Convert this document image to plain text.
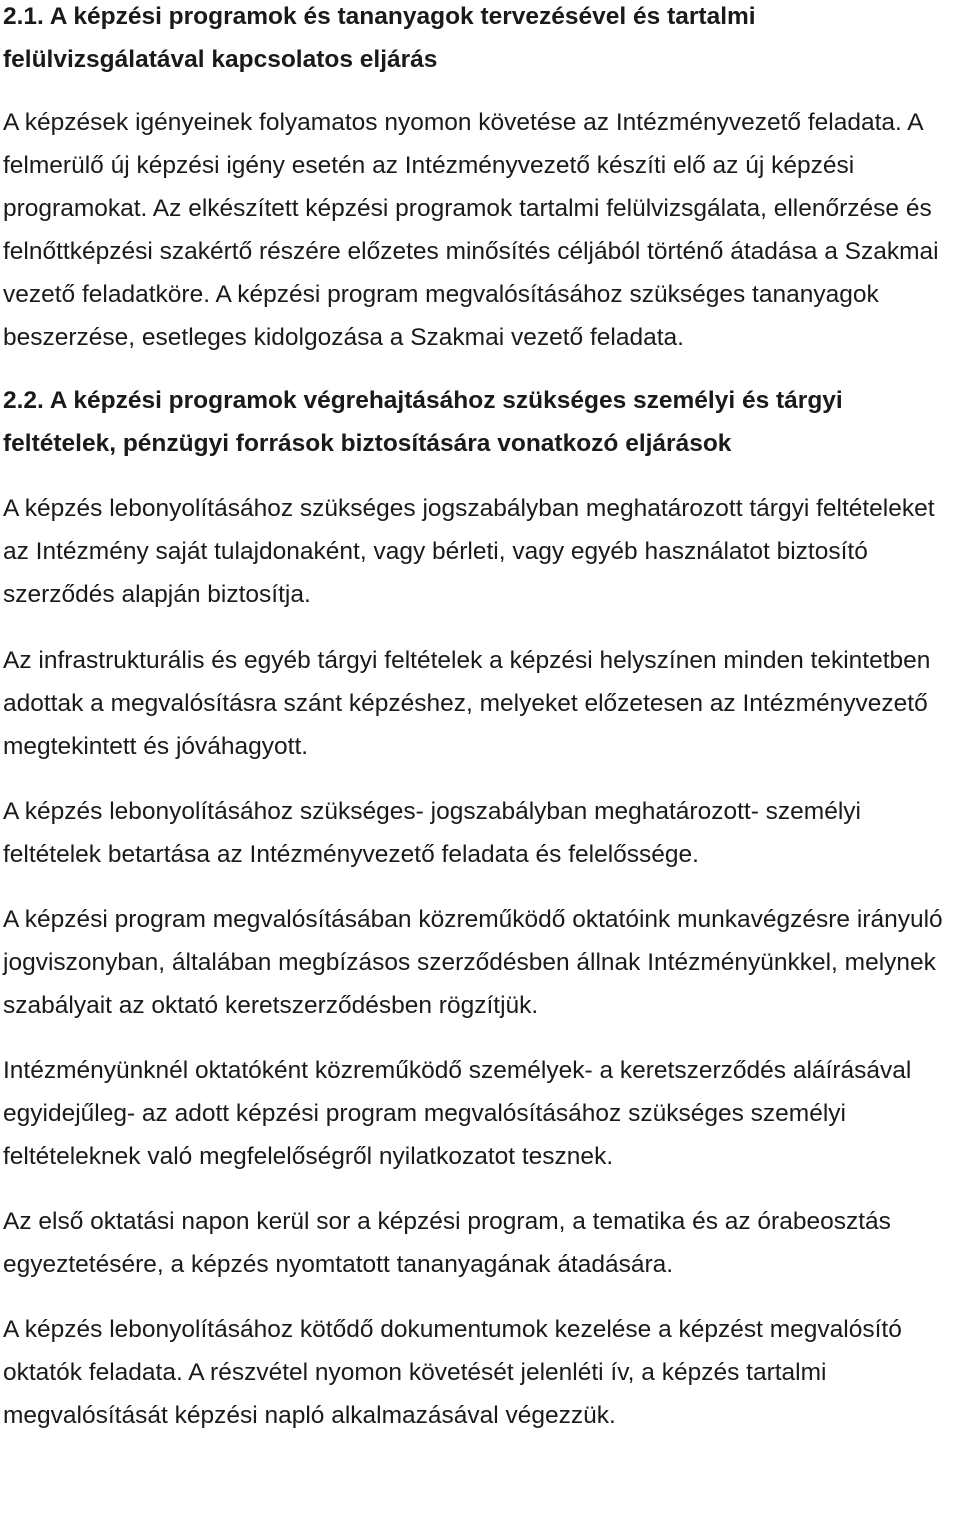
2.1. A képzési programok és tananyagok tervezésével és tartalmi felülvizsgálatával kapcsolatos eljárás

A képzések igényeinek folyamatos nyomon követése az Intézményvezető feladata. A felmerülő új képzési igény esetén az Intézményvezető készíti elő az új képzési programokat. Az elkészített képzési programok tartalmi felülvizsgálata, ellenőrzése és felnőttképzési szakértő részére előzetes minősítés céljából történő átadása a Szakmai vezető feladatköre. A képzési program megvalósításához szükséges tananyagok beszerzése, esetleges kidolgozása a Szakmai vezető feladata.

2.2. A képzési programok végrehajtásához szükséges személyi és tárgyi feltételek, pénzügyi források biztosítására vonatkozó eljárások

A képzés lebonyolításához szükséges jogszabályban meghatározott tárgyi feltételeket az Intézmény saját tulajdonaként, vagy bérleti, vagy egyéb használatot biztosító szerződés alapján biztosítja.

Az infrastrukturális és egyéb tárgyi feltételek a képzési helyszínen minden tekintetben adottak a megvalósításra szánt képzéshez, melyeket előzetesen az Intézményvezető megtekintett és jóváhagyott.

A képzés lebonyolításához szükséges- jogszabályban meghatározott- személyi feltételek betartása az Intézményvezető feladata és felelőssége.

A képzési program megvalósításában közreműködő oktatóink munkavégzésre irányuló jogviszonyban, általában megbízásos szerződésben állnak Intézményünkkel, melynek szabályait az oktató keretszerződésben rögzítjük.

Intézményünknél oktatóként közreműködő személyek- a keretszerződés aláírásával egyidejűleg- az adott képzési program megvalósításához szükséges személyi feltételeknek való megfelelőségről nyilatkozatot tesznek.

Az első oktatási napon kerül sor a képzési program, a tematika és az órabeosztás egyeztetésére, a képzés nyomtatott tananyagának átadására.

A képzés lebonyolításához kötődő dokumentumok kezelése a képzést megvalósító oktatók feladata. A részvétel nyomon követését jelenléti ív, a képzés tartalmi megvalósítását képzési napló alkalmazásával végezzük.
